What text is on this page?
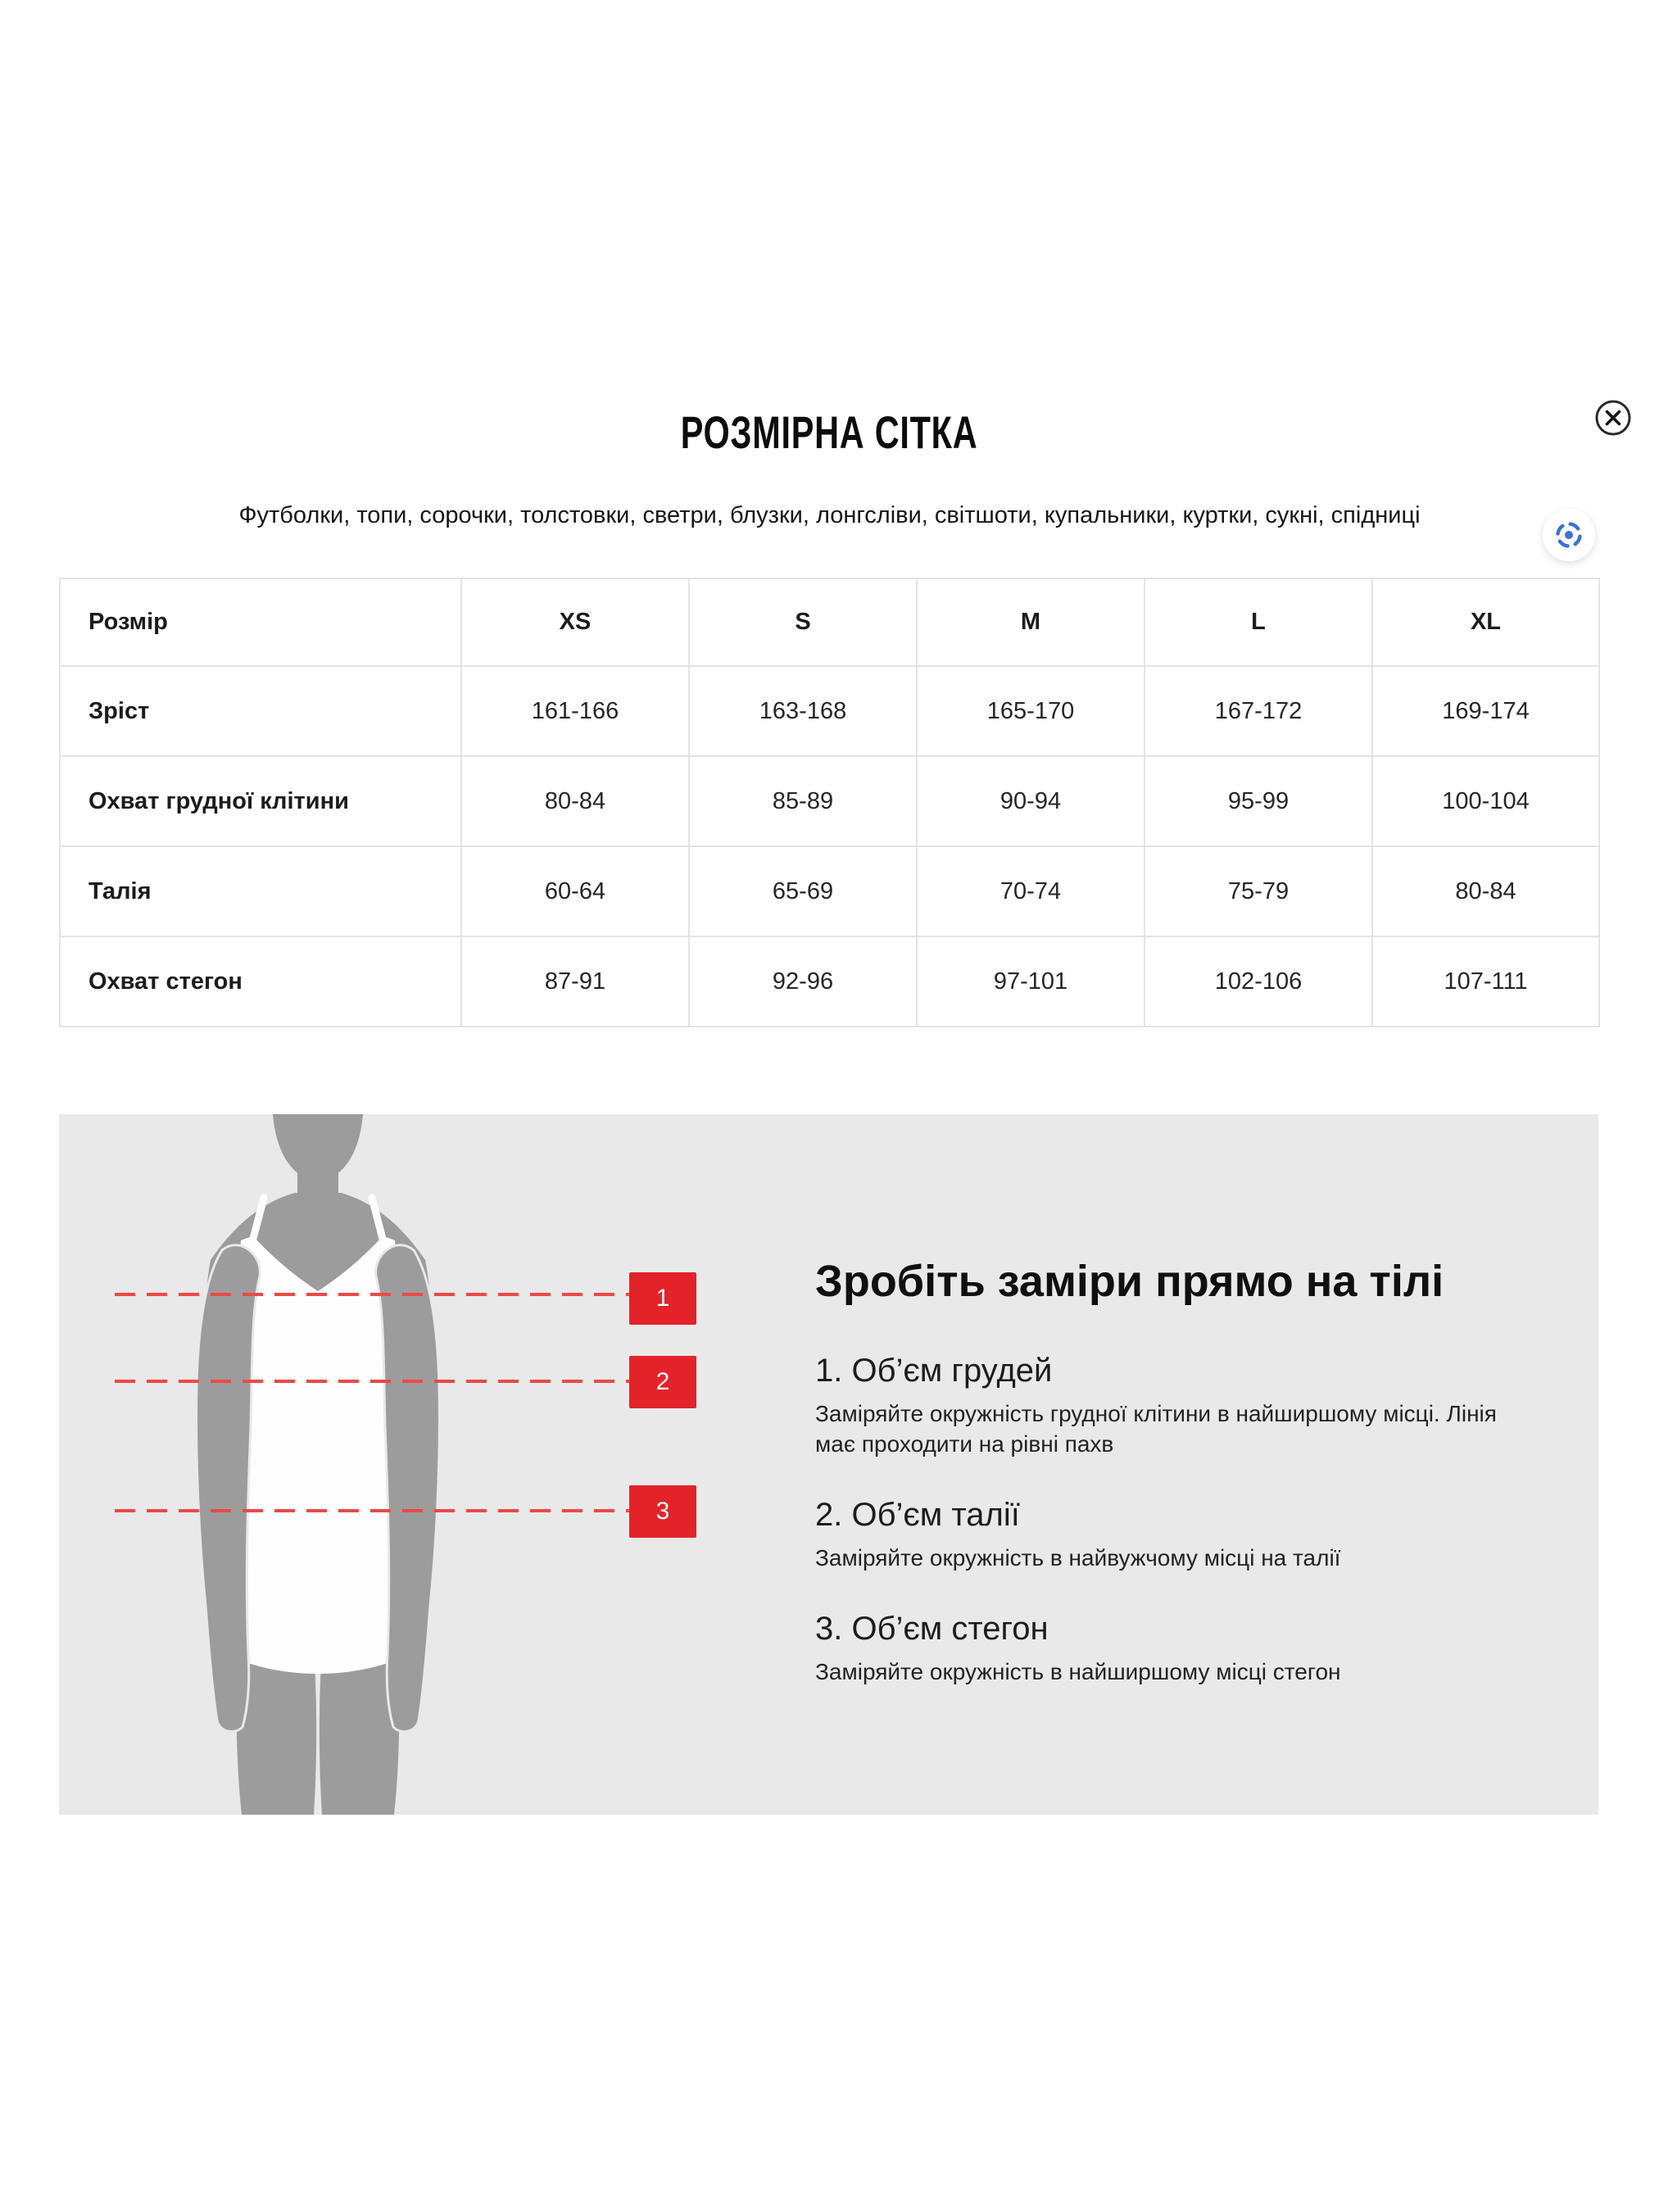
РОЗМІРНА СІТКА

Футболки, топи, сорочки, толстовки, светри, блузки, лонгсліви, світшоти, купальники, куртки, сукні, спідниці

Розмір	XS	S	M	L	XL
Зріст	161-166	163-168	165-170	167-172	169-174
Охват грудної клітини	80-84	85-89	90-94	95-99	100-104
Талія	60-64	65-69	70-74	75-79	80-84
Охват стегон	87-91	92-96	97-101	102-106	107-111
1
2
3
Зробіть заміри прямо на тілі
1. Об’єм грудей

Заміряйте окружність грудної клітини в найширшому місці. Лінія має проходити на рівні пахв

2. Об’єм талії

Заміряйте окружність в найвужчому місці на талії

3. Об’єм стегон

Заміряйте окружність в найширшому місці стегон
